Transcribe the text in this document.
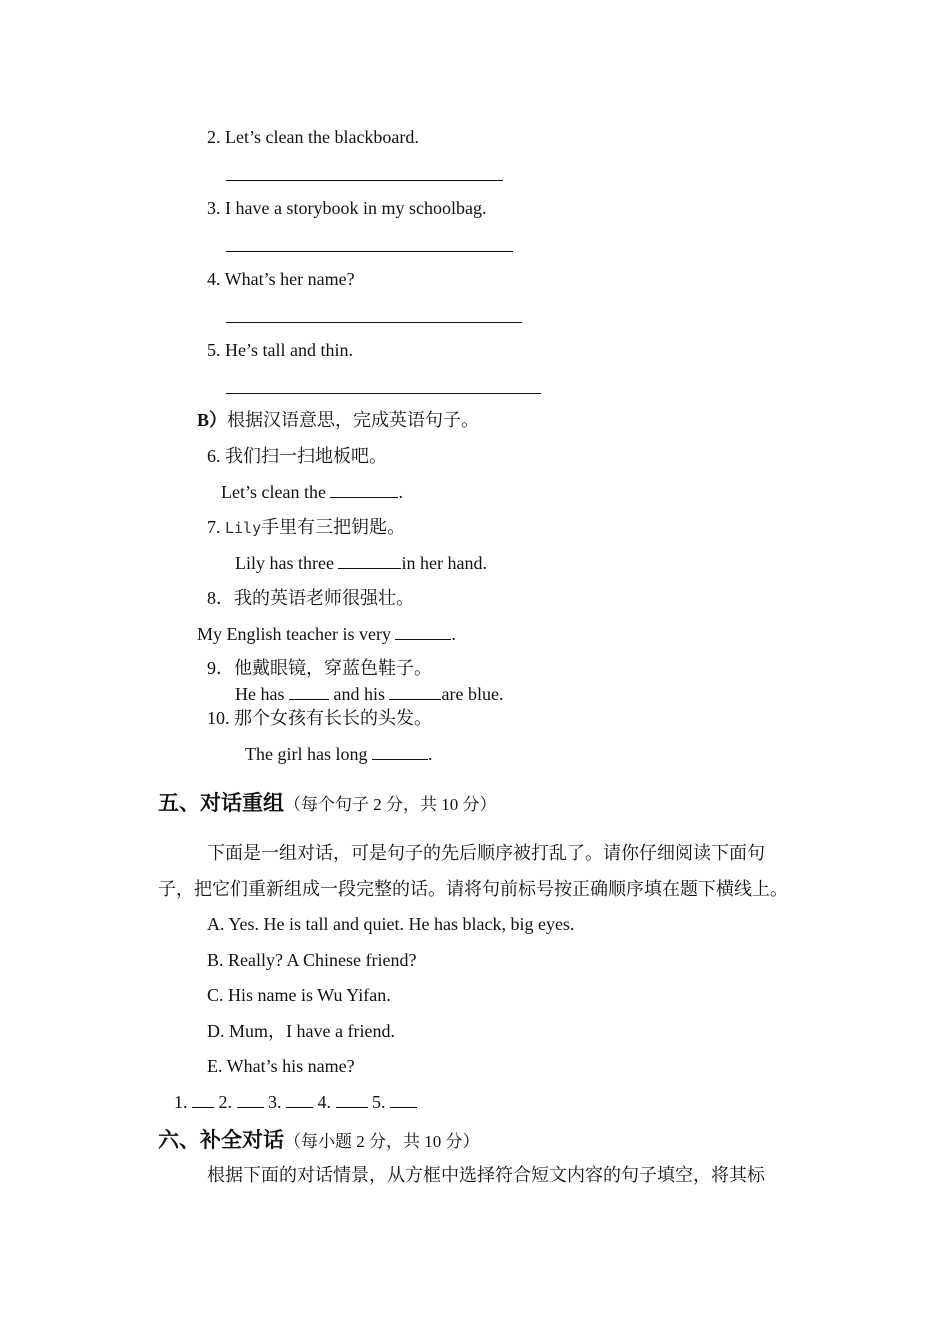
2. Let’s clean the blackboard.
3. I have a storybook in my schoolbag.
4. What’s her name?
5. He’s tall and thin.
B）根据汉语意思，完成英语句子。
6. 我们扫一扫地板吧。
Let’s clean the	.
7. Lily手里有三把钥匙。
Lily has three	in her hand.
8．我的英语老师很强壮。
My English teacher is very	.
9．他戴眼镜，穿蓝色鞋子。
He has  and his	are blue.
10. 那个女孩有长长的头发。
The girl has long	.
五、对话重组（每个句子 2 分，共 10 分）
下面是一组对话，可是句子的先后顺序被打乱了。请你仔细阅读下面句
子，把它们重新组成一段完整的话。请将句前标号按正确顺序填在题下横线上。
A. Yes. He is tall and quiet. He has black, big eyes.
B. Really? A Chinese friend?
C. His name is Wu Yifan.
D. Mum，I have a friend.
E. What’s his name?
1. 2. 3. 4. 5.
六、补全对话（每小题 2 分，共 10 分）
根据下面的对话情景，从方框中选择符合短文内容的句子填空，将其标
